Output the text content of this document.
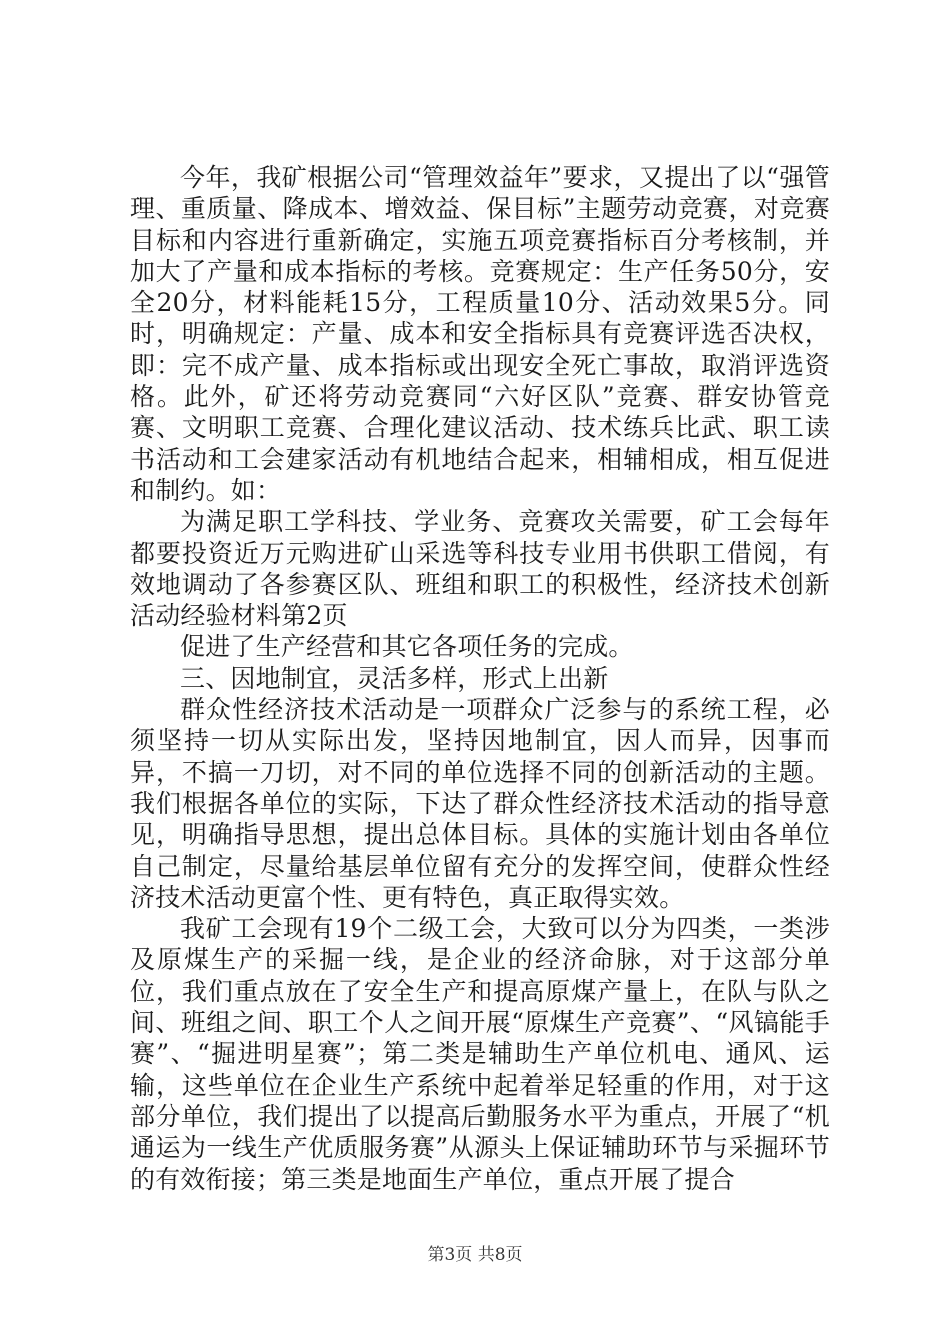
今年，我矿根据公司“管理效益年”要求，又提出了以“强管理、重质量、降成本、增效益、保目标”主题劳动竞赛，对竞赛目标和内容进行重新确定，实施五项竞赛指标百分考核制，并加大了产量和成本指标的考核。竞赛规定：生产任务50分，安全20分，材料能耗15分，工程质量10分、活动效果5分。同时，明确规定：产量、成本和安全指标具有竞赛评选否决权，即：完不成产量、成本指标或出现安全死亡事故，取消评选资格。此外，矿还将劳动竞赛同“六好区队”竞赛、群安协管竞赛、文明职工竞赛、合理化建议活动、技术练兵比武、职工读书活动和工会建家活动有机地结合起来，相辅相成，相互促进和制约。如：

为满足职工学科技、学业务、竞赛攻关需要，矿工会每年都要投资近万元购进矿山采选等科技专业用书供职工借阅，有效地调动了各参赛区队、班组和职工的积极性，经济技术创新活动经验材料第2页

促进了生产经营和其它各项任务的完成。

三、因地制宜，灵活多样，形式上出新

群众性经济技术活动是一项群众广泛参与的系统工程，必须坚持一切从实际出发，坚持因地制宜，因人而异，因事而异，不搞一刀切，对不同的单位选择不同的创新活动的主题。我们根据各单位的实际，下达了群众性经济技术活动的指导意见，明确指导思想，提出总体目标。具体的实施计划由各单位自己制定，尽量给基层单位留有充分的发挥空间，使群众性经济技术活动更富个性、更有特色，真正取得实效。

我矿工会现有19个二级工会，大致可以分为四类，一类涉及原煤生产的采掘一线，是企业的经济命脉，对于这部分单位，我们重点放在了安全生产和提高原煤产量上，在队与队之间、班组之间、职工个人之间开展“原煤生产竞赛”、“风镐能手赛”、“掘进明星赛”；第二类是辅助生产单位机电、通风、运输，这些单位在企业生产系统中起着举足轻重的作用，对于这部分单位，我们提出了以提高后勤服务水平为重点，开展了“机通运为一线生产优质服务赛”从源头上保证辅助环节与采掘环节的有效衔接；第三类是地面生产单位，重点开展了提合

第3页 共8页
